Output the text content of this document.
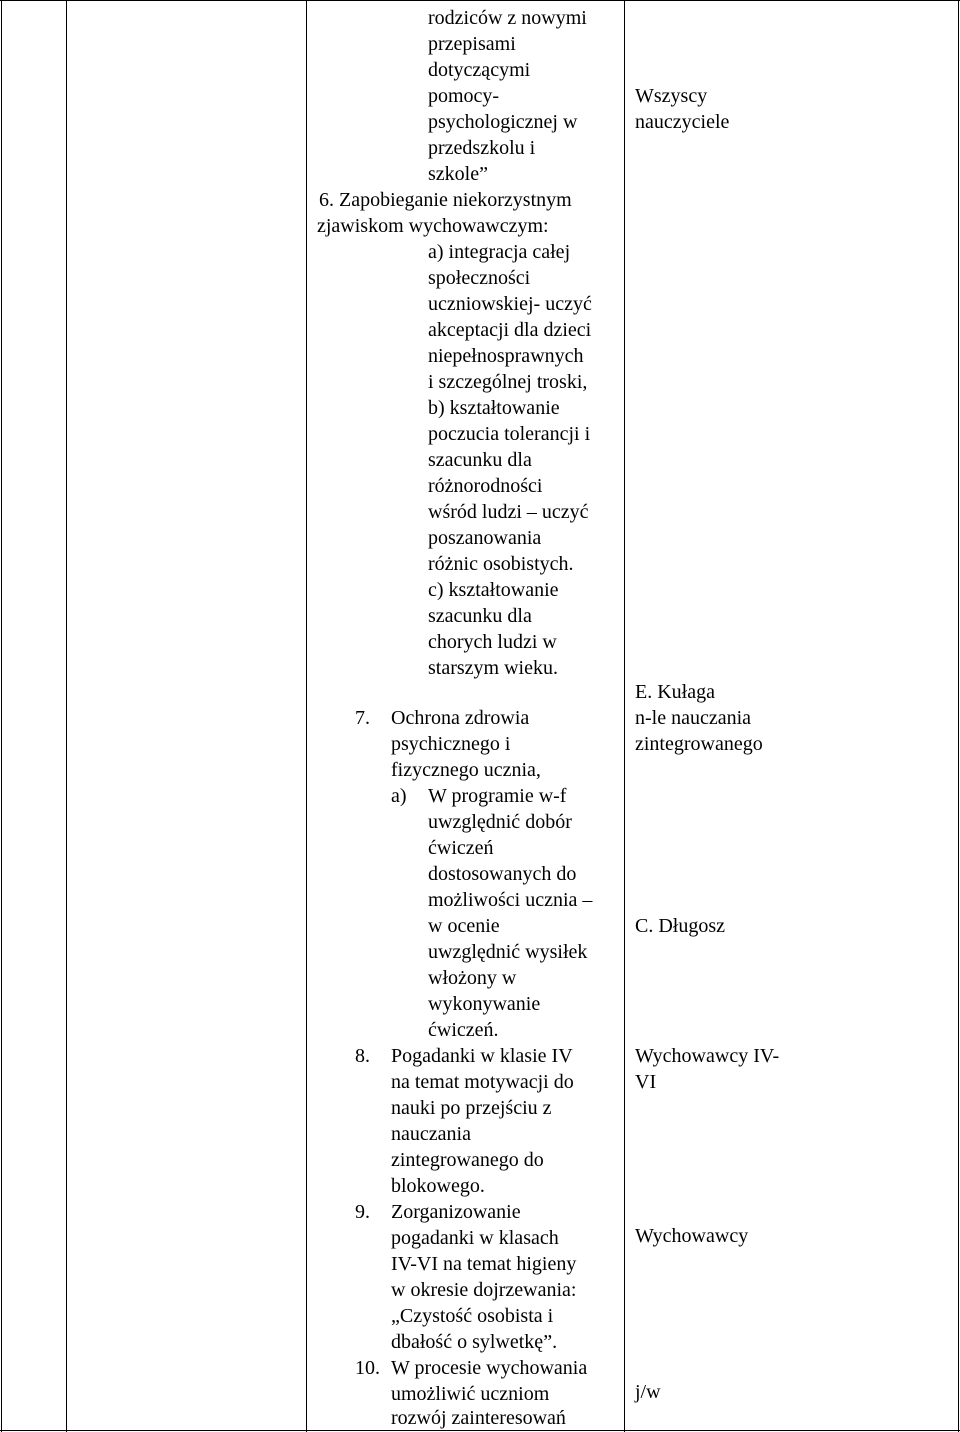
rodziców z nowymi
przepisami
dotyczącymi
pomocy-
psychologicznej w
przedszkolu i
szkole”
6. Zapobieganie niekorzystnym
zjawiskom wychowawczym:
a) integracja całej
społeczności
uczniowskiej- uczyć
akceptacji dla dzieci
niepełnosprawnych
i szczególnej troski,
b) kształtowanie
poczucia tolerancji i
szacunku dla
różnorodności
wśród ludzi – uczyć
poszanowania
różnic osobistych.
c) kształtowanie
szacunku dla
chorych ludzi w
starszym wieku.
7. Ochrona zdrowia
psychicznego i
fizycznego ucznia,
a) W programie w-f
uwzględnić dobór
ćwiczeń
dostosowanych do
możliwości ucznia –
w ocenie
uwzględnić wysiłek
włożony w
wykonywanie
ćwiczeń.
8. Pogadanki w klasie IV
na temat motywacji do
nauki po przejściu z
nauczania
zintegrowanego do
blokowego.
9. Zorganizowanie
pogadanki w klasach
IV-VI na temat higieny
w okresie dojrzewania:
„Czystość osobista i
dbałość o sylwetkę”.
10. W procesie wychowania
umożliwić uczniom
rozwój zainteresowań
Wszyscy
nauczyciele
E. Kułaga
n-le nauczania
zintegrowanego
C. Długosz
Wychowawcy IV-
VI
Wychowawcy
j/w
